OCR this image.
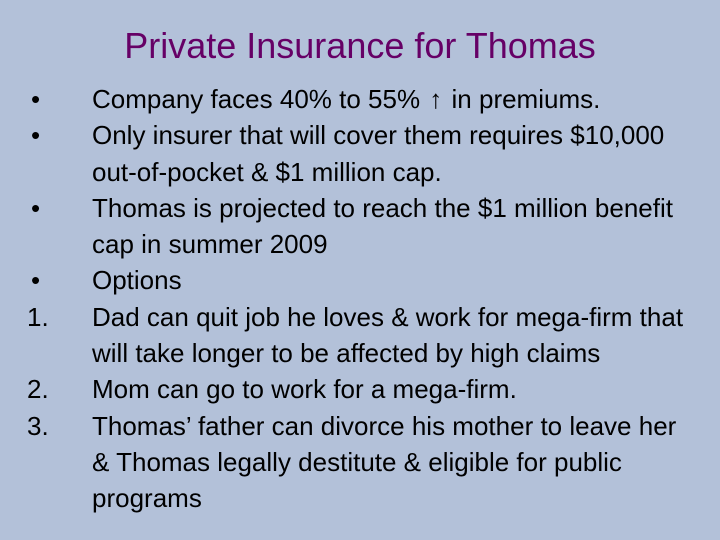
Private Insurance for Thomas
•	Company faces 40% to 55% ↑ in premiums.
•	Only insurer that will cover them requires $10,000 out-of-pocket & $1 million cap.
•	Thomas is projected to reach the $1 million benefit cap in summer 2009
•	Options
1.	Dad can quit job he loves & work for mega-firm that will take longer to be affected by high claims
2.	Mom can go to work for a mega-firm.
3.	Thomas’ father can divorce his mother to leave her & Thomas legally destitute & eligible for public programs
